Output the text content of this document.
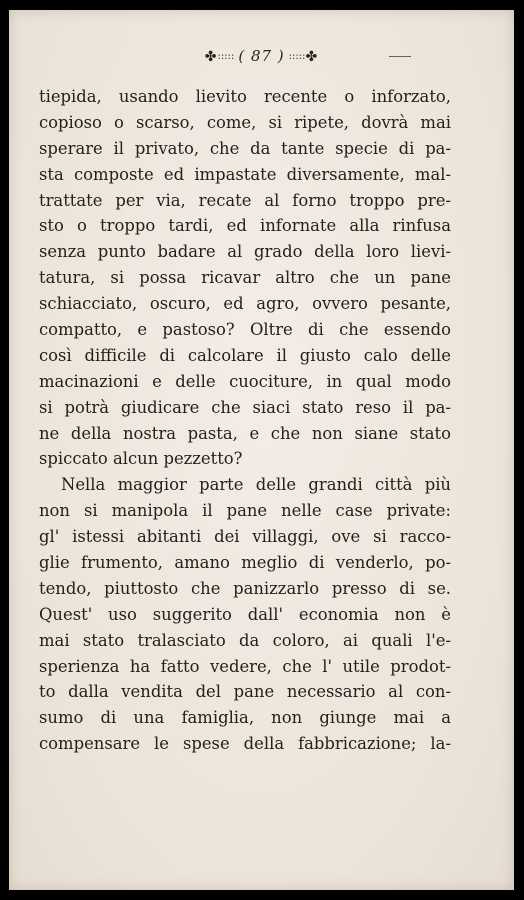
✤::::: ( 87 ) :::::✤
tiepida, usando lievito recente o inforzato,
copioso o scarso, come, si ripete, dovrà mai
sperare il privato, che da tante specie di pa-
sta composte ed impastate diversamente, mal-
trattate per via, recate al forno troppo pre-
sto o troppo tardi, ed infornate alla rinfusa
senza punto badare al grado della loro lievi-
tatura, si possa ricavar altro che un pane
schiacciato, oscuro, ed agro, ovvero pesante,
compatto, e pastoso? Oltre di che essendo
così difficile di calcolare il giusto calo delle
macinazioni e delle cuociture, in qual modo
si potrà giudicare che siaci stato reso il pa-
ne della nostra pasta, e che non siane stato
spiccato alcun pezzetto?
Nella maggior parte delle grandi città più
non si manipola il pane nelle case private:
gl' istessi abitanti dei villaggi, ove si racco-
glie frumento, amano meglio di venderlo, po-
tendo, piuttosto che panizzarlo presso di se.
Quest' uso suggerito dall' economia non è
mai stato tralasciato da coloro, ai quali l'e-
sperienza ha fatto vedere, che l' utile prodot-
to dalla vendita del pane necessario al con-
sumo di una famiglia, non giunge mai a
compensare le spese della fabbricazione; la-
